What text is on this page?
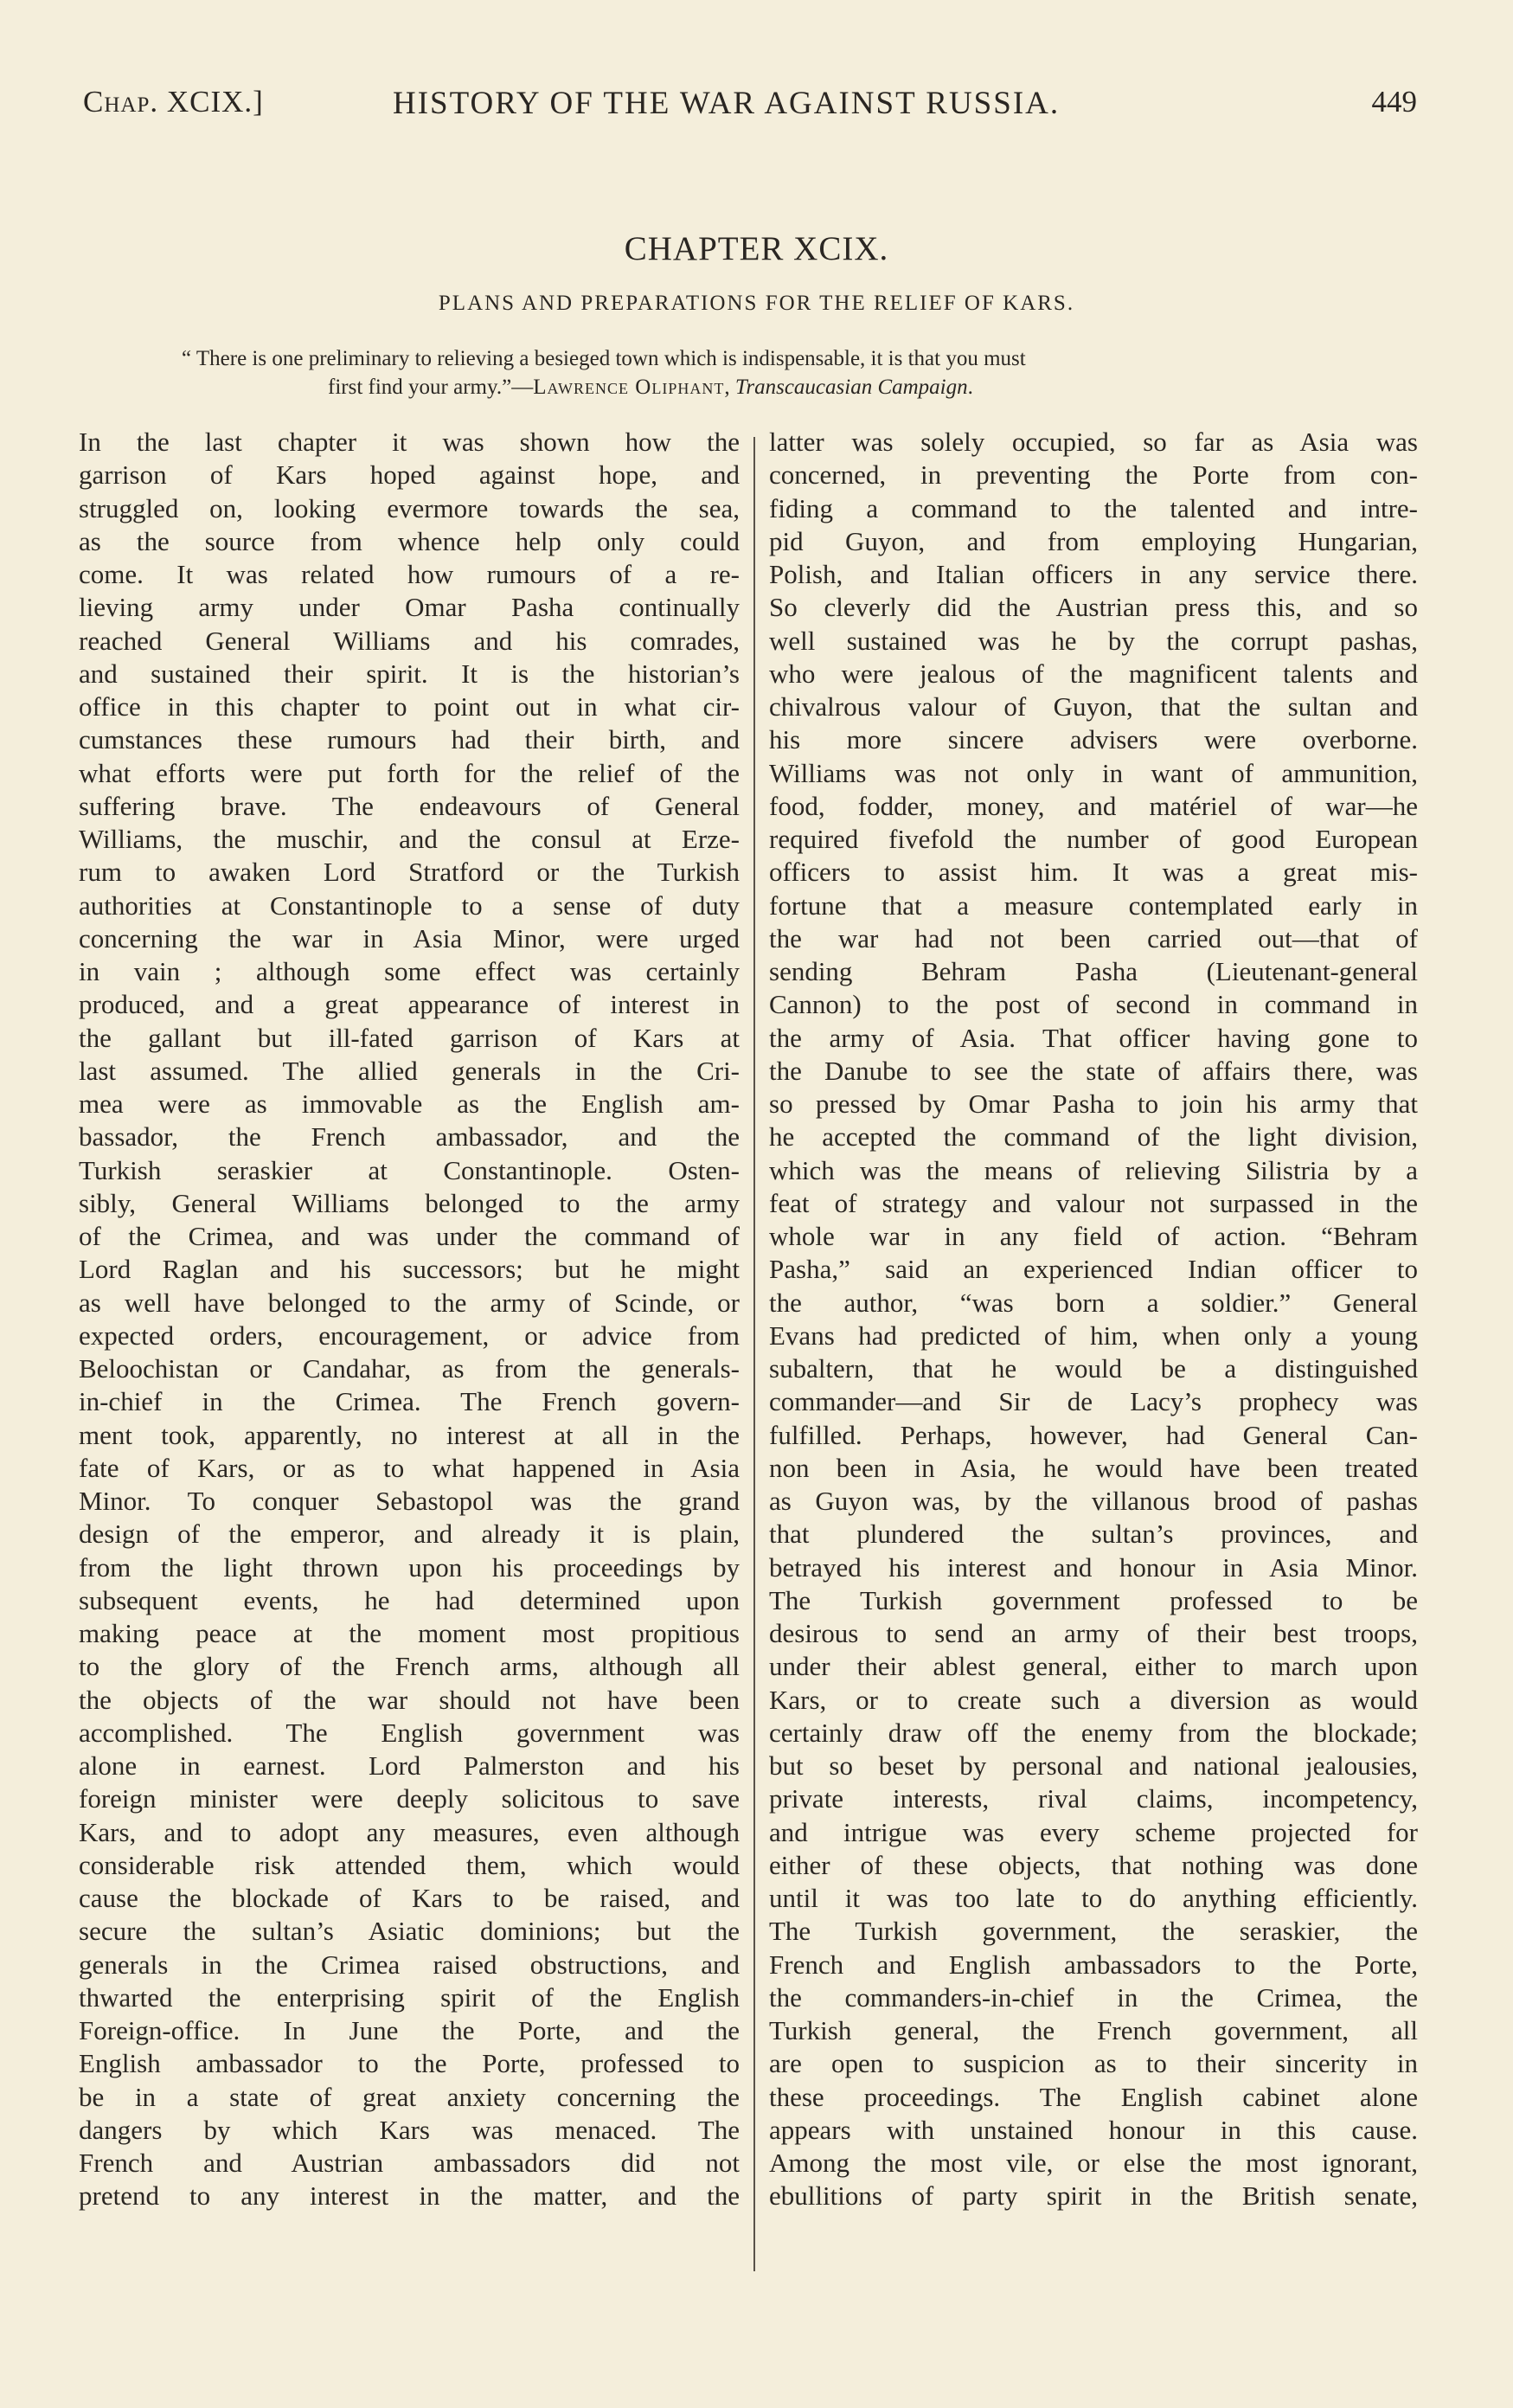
Chap. XCIX.]	HISTORY OF THE WAR AGAINST RUSSIA.	449
CHAPTER XCIX.
PLANS AND PREPARATIONS FOR THE RELIEF OF KARS.
“ There is one preliminary to relieving a besieged town which is indispensable, it is that you must
first find your army.”—Lawrence Oliphant, Transcaucasian Campaign.
In the last chapter it was shown how the
garrison of Kars hoped against hope, and
struggled on, looking evermore towards the sea,
as the source from whence help only could
come. It was related how rumours of a re-
lieving army under Omar Pasha continually
reached General Williams and his comrades,
and sustained their spirit. It is the historian’s
office in this chapter to point out in what cir-
cumstances these rumours had their birth, and
what efforts were put forth for the relief of the
suffering brave. The endeavours of General
Williams, the muschir, and the consul at Erze-
rum to awaken Lord Stratford or the Turkish
authorities at Constantinople to a sense of duty
concerning the war in Asia Minor, were urged
in vain ; although some effect was certainly
produced, and a great appearance of interest in
the gallant but ill-fated garrison of Kars at
last assumed. The allied generals in the Cri-
mea were as immovable as the English am-
bassador, the French ambassador, and the
Turkish seraskier at Constantinople. Osten-
sibly, General Williams belonged to the army
of the Crimea, and was under the command of
Lord Raglan and his successors; but he might
as well have belonged to the army of Scinde, or
expected orders, encouragement, or advice from
Beloochistan or Candahar, as from the generals-
in-chief in the Crimea. The French govern-
ment took, apparently, no interest at all in the
fate of Kars, or as to what happened in Asia
Minor. To conquer Sebastopol was the grand
design of the emperor, and already it is plain,
from the light thrown upon his proceedings by
subsequent events, he had determined upon
making peace at the moment most propitious
to the glory of the French arms, although all
the objects of the war should not have been
accomplished. The English government was
alone in earnest. Lord Palmerston and his
foreign minister were deeply solicitous to save
Kars, and to adopt any measures, even although
considerable risk attended them, which would
cause the blockade of Kars to be raised, and
secure the sultan’s Asiatic dominions; but the
generals in the Crimea raised obstructions, and
thwarted the enterprising spirit of the English
Foreign-office. In June the Porte, and the
English ambassador to the Porte, professed to
be in a state of great anxiety concerning the
dangers by which Kars was menaced. The
French and Austrian ambassadors did not
pretend to any interest in the matter, and the
latter was solely occupied, so far as Asia was
concerned, in preventing the Porte from con-
fiding a command to the talented and intre-
pid Guyon, and from employing Hungarian,
Polish, and Italian officers in any service there.
So cleverly did the Austrian press this, and so
well sustained was he by the corrupt pashas,
who were jealous of the magnificent talents and
chivalrous valour of Guyon, that the sultan and
his more sincere advisers were overborne.
Williams was not only in want of ammunition,
food, fodder, money, and matériel of war—he
required fivefold the number of good European
officers to assist him. It was a great mis-
fortune that a measure contemplated early in
the war had not been carried out—that of
sending Behram Pasha (Lieutenant-general
Cannon) to the post of second in command in
the army of Asia. That officer having gone to
the Danube to see the state of affairs there, was
so pressed by Omar Pasha to join his army that
he accepted the command of the light division,
which was the means of relieving Silistria by a
feat of strategy and valour not surpassed in the
whole war in any field of action. “Behram
Pasha,” said an experienced Indian officer to
the author, “was born a soldier.” General
Evans had predicted of him, when only a young
subaltern, that he would be a distinguished
commander—and Sir de Lacy’s prophecy was
fulfilled. Perhaps, however, had General Can-
non been in Asia, he would have been treated
as Guyon was, by the villanous brood of pashas
that plundered the sultan’s provinces, and
betrayed his interest and honour in Asia Minor.
The Turkish government professed to be
desirous to send an army of their best troops,
under their ablest general, either to march upon
Kars, or to create such a diversion as would
certainly draw off the enemy from the blockade;
but so beset by personal and national jealousies,
private interests, rival claims, incompetency,
and intrigue was every scheme projected for
either of these objects, that nothing was done
until it was too late to do anything efficiently.
The Turkish government, the seraskier, the
French and English ambassadors to the Porte,
the commanders-in-chief in the Crimea, the
Turkish general, the French government, all
are open to suspicion as to their sincerity in
these proceedings. The English cabinet alone
appears with unstained honour in this cause.
Among the most vile, or else the most ignorant,
ebullitions of party spirit in the British senate,
